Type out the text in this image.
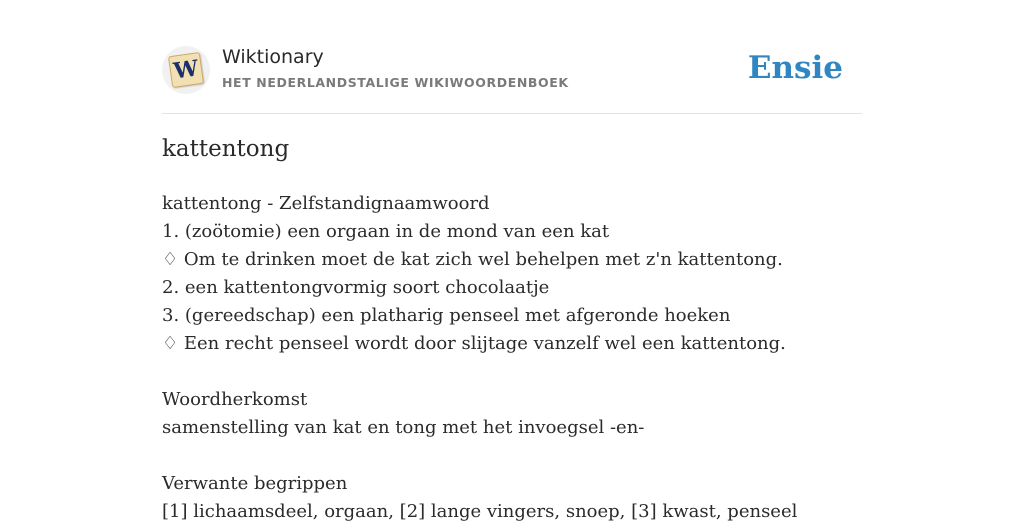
W Wiktionary
HET NEDERLANDSTALIGE WIKIWOORDENBOEK	Ensie
kattentong
kattentong - Zelfstandignaamwoord
1. (zoötomie) een orgaan in de mond van een kat
♢ Om te drinken moet de kat zich wel behelpen met z'n kattentong.
2. een kattentongvormig soort chocolaatje
3. (gereedschap) een platharig penseel met afgeronde hoeken
♢ Een recht penseel wordt door slijtage vanzelf wel een kattentong.
Woordherkomst
samenstelling van kat en tong met het invoegsel -en-
Verwante begrippen
[1] lichaamsdeel, orgaan, [2] lange vingers, snoep, [3] kwast, penseel
